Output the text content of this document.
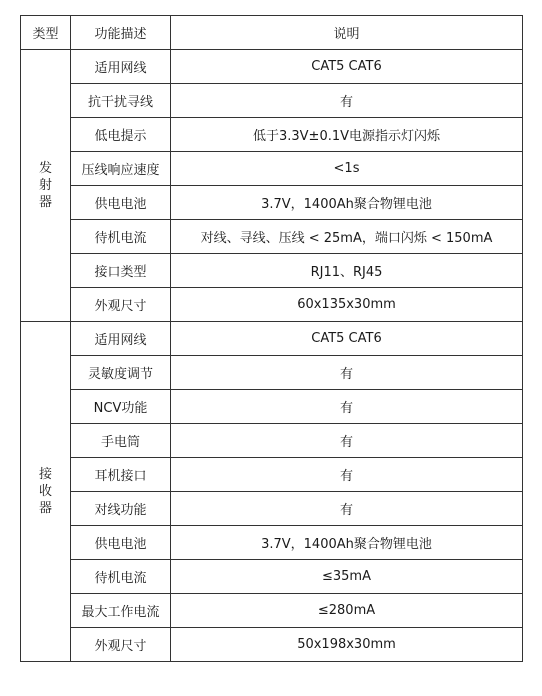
类型	功能描述	说明

发
射
器	适用网线	CAT5 CAT6
	抗干扰寻线	有
	低电提示	低于3.3V±0.1V电源指示灯闪烁
	压线响应速度	<1s
	供电电池	3.7V，1400Ah聚合物锂电池
	待机电流	对线、寻线、压线 < 25mA，端口闪烁 < 150mA
	接口类型	RJ11、RJ45
	外观尺寸	60x135x30mm

接
收
器	适用网线	CAT5 CAT6
	灵敏度调节	有
	NCV功能	有
	手电筒	有
	耳机接口	有
	对线功能	有
	供电电池	3.7V，1400Ah聚合物锂电池
	待机电流	≤35mA
	最大工作电流	≤280mA
	外观尺寸	50x198x30mm
